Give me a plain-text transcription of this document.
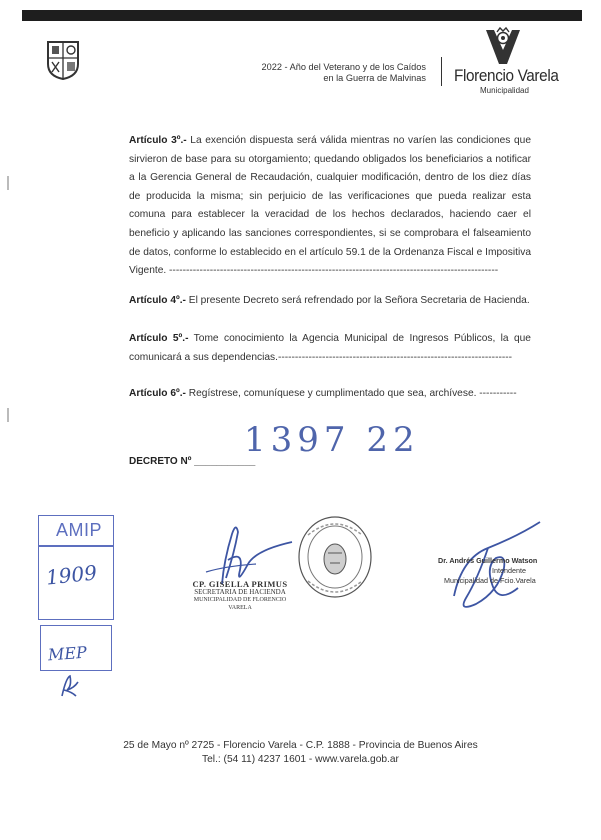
2022 - Año del Veterano y de los Caídos
en la Guerra de Malvinas Florencio Varela
Municipalidad
Artículo 3º.- La exención dispuesta será válida mientras no varíen las condiciones que sirvieron de base para su otorgamiento; quedando obligados los beneficiarios a notificar a la Gerencia General de Recaudación, cualquier modificación, dentro de los diez días de producida la misma; sin perjuicio de las verificaciones que pueda realizar esta comuna para establecer la veracidad de los hechos declarados, haciendo caer el beneficio y aplicando las sanciones correspondientes, si se comprobara el falseamiento de datos, conforme lo establecido en el artículo 59.1 de la Ordenanza Fiscal e Impositiva Vigente. -------------------------------------------------------------------------------------------------
Artículo 4º.- El presente Decreto será refrendado por la Señora Secretaria de Hacienda.
Artículo 5º.- Tome conocimiento la Agencia Municipal de Ingresos Públicos, la que comunicará a sus dependencias.---------------------------------------------------------------------
Artículo 6º.- Regístrese, comuníquese y cumplimentado que sea, archívese. -----------
1397 22
DECRETO Nº ___________
AMIP
1909
MEP
CP. GISELLA PRIMUS
SECRETARIA DE HACIENDA
MUNICIPALIDAD DE FLORENCIO VARELA
Dr. Andrés Guillermo Watson
Intendente
Municipalidad de Fcio.Varela
25 de Mayo nº 2725 - Florencio Varela - C.P. 1888 - Provincia de Buenos Aires
Tel.: (54 11) 4237 1601 - www.varela.gob.ar
